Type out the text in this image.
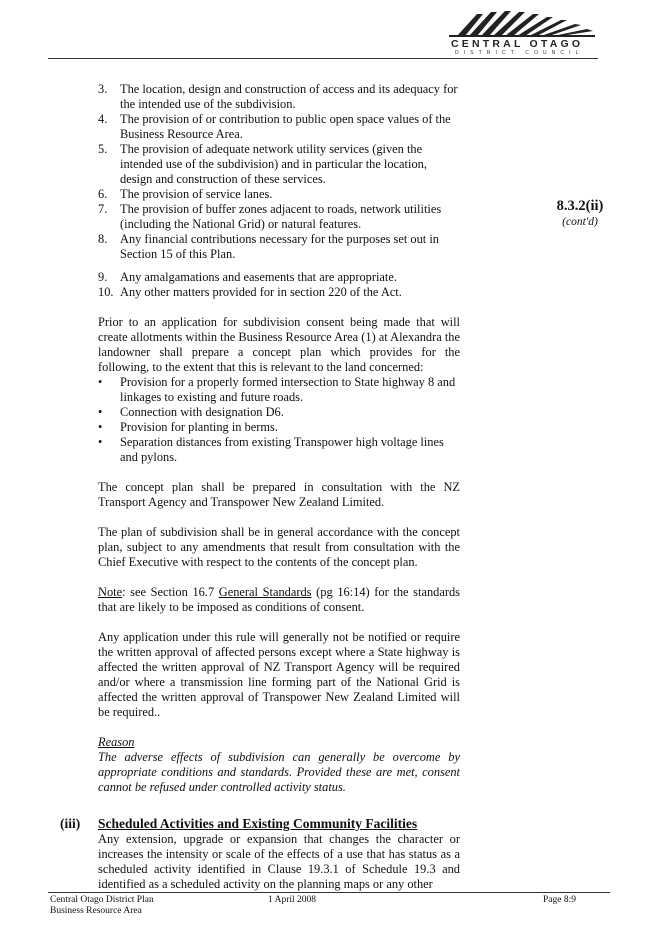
CENTRAL OTAGO
DISTRICT COUNCIL
8.3.2(ii)
(cont'd)
3. The location, design and construction of access and its adequacy for the intended use of the subdivision.
4. The provision of or contribution to public open space values of the Business Resource Area.
5. The provision of adequate network utility services (given the intended use of the subdivision) and in particular the location, design and construction of these services.
6. The provision of service lanes.
7. The provision of buffer zones adjacent to roads, network utilities (including the National Grid) or natural features.
8. Any financial contributions necessary for the purposes set out in Section 15 of this Plan.
9. Any amalgamations and easements that are appropriate.
10. Any other matters provided for in section 220 of the Act.

Prior to an application for subdivision consent being made that will create allotments within the Business Resource Area (1) at Alexandra the landowner shall prepare a concept plan which provides for the following, to the extent that this is relevant to the land concerned:

• Provision for a properly formed intersection to State highway 8 and linkages to existing and future roads.
• Connection with designation D6.
• Provision for planting in berms.
• Separation distances from existing Transpower high voltage lines and pylons.

The concept plan shall be prepared in consultation with the NZ Transport Agency and Transpower New Zealand Limited.

The plan of subdivision shall be in general accordance with the concept plan, subject to any amendments that result from consultation with the Chief Executive with respect to the contents of the concept plan.

Note: see Section 16.7 General Standards (pg 16:14) for the standards that are likely to be imposed as conditions of consent.

Any application under this rule will generally not be notified or require the written approval of affected persons except where a State highway is affected the written approval of NZ Transport Agency will be required and/or where a transmission line forming part of the National Grid is affected the written approval of Transpower New Zealand Limited will be required..

Reason

The adverse effects of subdivision can generally be overcome by appropriate conditions and standards. Provided these are met, consent cannot be refused under controlled activity status.

(iii) Scheduled Activities and Existing Community Facilities
Any extension, upgrade or expansion that changes the character or increases the intensity or scale of the effects of a use that has status as a scheduled activity identified in Clause 19.3.1 of Schedule 19.3 and identified as a scheduled activity on the planning maps or any other
Central Otago District Plan
Business Resource Area
1 April 2008	Page 8:9
